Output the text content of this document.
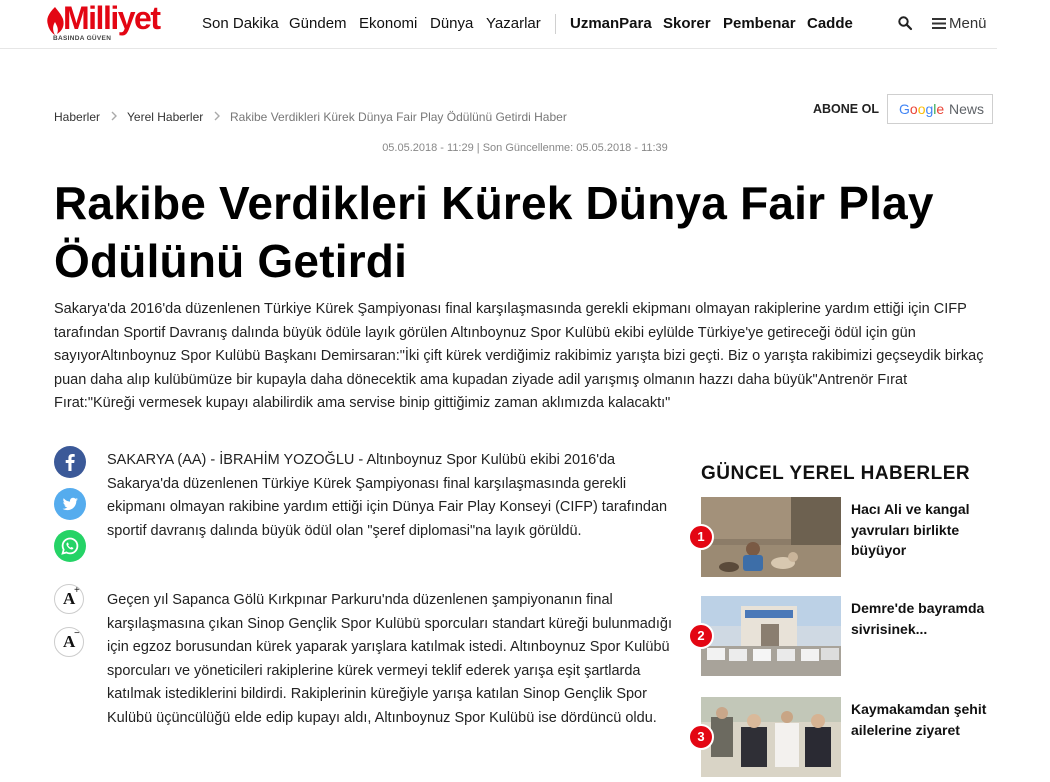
Milliyet
BASINDA GÜVEN
Son Dakika Gündem Ekonomi Dünya Yazarlar UzmanPara Skorer Pembenar Cadde	Menü
Haberler Yerel Haberler Rakibe Verdikleri Kürek Dünya Fair Play Ödülünü Getirdi Haber
ABONE OL Google News
05.05.2018 - 11:29 | Son Güncellenme: 05.05.2018 - 11:39
Rakibe Verdikleri Kürek Dünya Fair Play Ödülünü Getirdi

Sakarya'da 2016'da düzenlenen Türkiye Kürek Şampiyonası final karşılaşmasında gerekli ekipmanı olmayan rakiplerine yardım ettiği için CIFP tarafından Sportif Davranış dalında büyük ödüle layık görülen Altınboynuz Spor Kulübü ekibi eylülde Türkiye'ye getireceği ödül için gün sayıyorAltınboynuz Spor Kulübü Başkanı Demirsaran:"İki çift kürek verdiğimiz rakibimiz yarışta bizi geçti. Biz o yarışta rakibimizi geçseydik birkaç puan daha alıp kulübümüze bir kupayla daha dönecektik ama kupadan ziyade adil yarışmış olmanın hazzı daha büyük"Antrenör Fırat Fırat:"Küreği vermesek kupayı alabilirdik ama servise binip gittiğimiz zaman aklımızda kalacaktı"

A
+
A
−

SAKARYA (AA) - İBRAHİM YOZOĞLU - Altınboynuz Spor Kulübü ekibi 2016'da Sakarya'da düzenlenen Türkiye Kürek Şampiyonası final karşılaşmasında gerekli ekipmanı olmayan rakibine yardım ettiği için Dünya Fair Play Konseyi (CIFP) tarafından sportif davranış dalında büyük ödül olan "şeref diplomasi"na layık görüldü.

Geçen yıl Sapanca Gölü Kırkpınar Parkuru'nda düzenlenen şampiyonanın final karşılaşmasına çıkan Sinop Gençlik Spor Kulübü sporcuları standart küreği bulunmadığı için egzoz borusundan kürek yaparak yarışlara katılmak istedi. Altınboynuz Spor Kulübü sporcuları ve yöneticileri rakiplerine kürek vermeyi teklif ederek yarışa eşit şartlarda katılmak istediklerini bildirdi. Rakiplerinin küreğiyle yarışa katılan Sinop Gençlik Spor Kulübü üçüncülüğü elde edip kupayı aldı, Altınboynuz Spor Kulübü ise dördüncü oldu.

GÜNCEL YEREL HABERLER
1
Hacı Ali ve kangal yavruları birlikte büyüyor
2
Demre'de bayramda sivrisinek...
3
Kaymakamdan şehit ailelerine ziyaret
